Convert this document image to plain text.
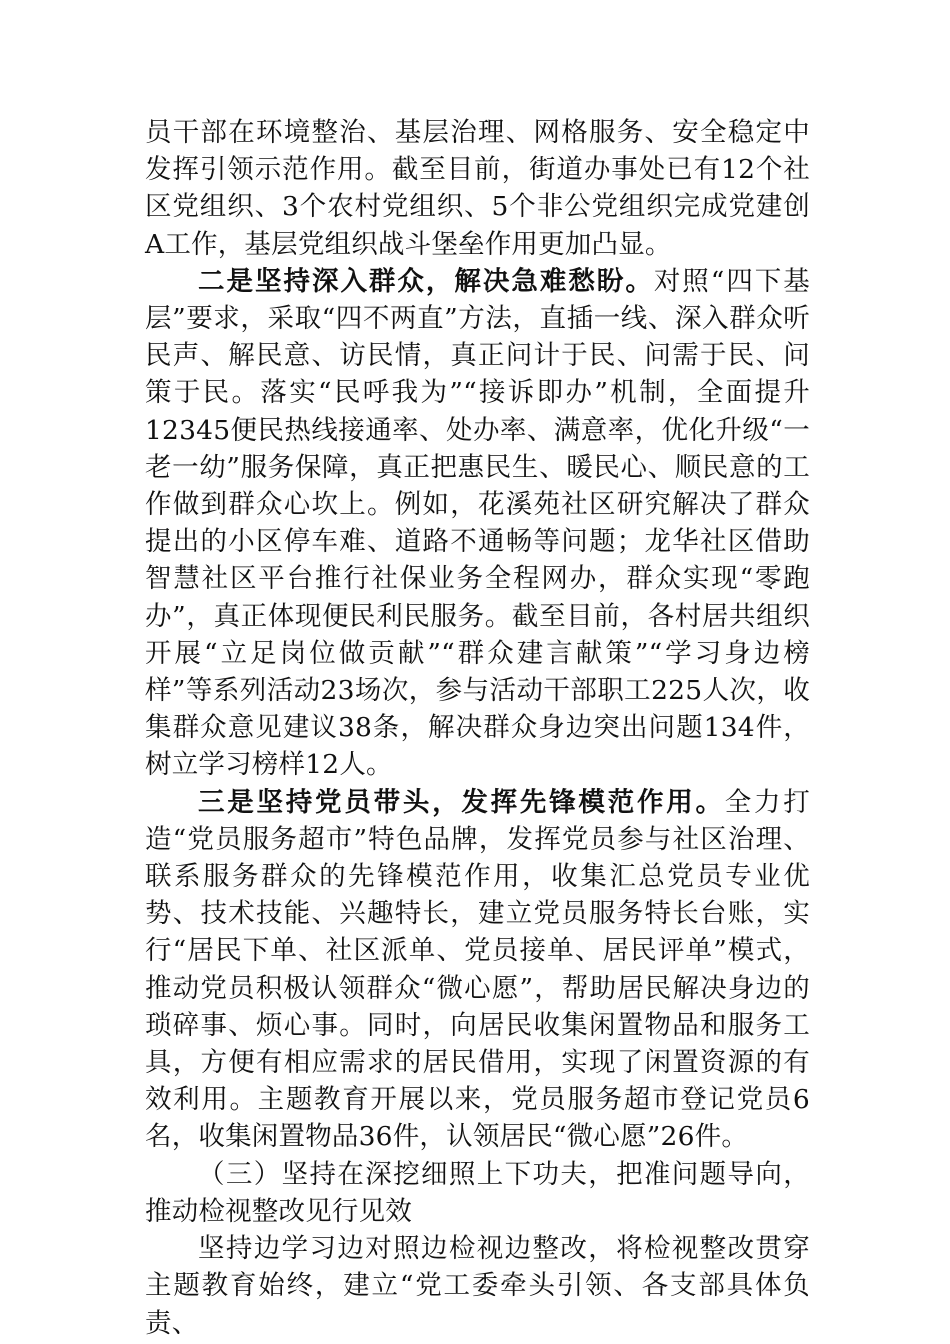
员干部在环境整治、基层治理、网格服务、安全稳定中发挥引领示范作用。截至目前，街道办事处已有12个社区党组织、3个农村党组织、5个非公党组织完成党建创A工作，基层党组织战斗堡垒作用更加凸显。

二是坚持深入群众，解决急难愁盼。对照“四下基层”要求，采取“四不两直”方法，直插一线、深入群众听民声、解民意、访民情，真正问计于民、问需于民、问策于民。落实“民呼我为”“接诉即办”机制，全面提升12345便民热线接通率、处办率、满意率，优化升级“一老一幼”服务保障，真正把惠民生、暖民心、顺民意的工作做到群众心坎上。例如，花溪苑社区研究解决了群众提出的小区停车难、道路不通畅等问题；龙华社区借助智慧社区平台推行社保业务全程网办，群众实现“零跑办”，真正体现便民利民服务。截至目前，各村居共组织开展“立足岗位做贡献”“群众建言献策”“学习身边榜样”等系列活动23场次，参与活动干部职工225人次，收集群众意见建议38条，解决群众身边突出问题134件，树立学习榜样12人。

三是坚持党员带头，发挥先锋模范作用。全力打造“党员服务超市”特色品牌，发挥党员参与社区治理、联系服务群众的先锋模范作用，收集汇总党员专业优势、技术技能、兴趣特长，建立党员服务特长台账，实行“居民下单、社区派单、党员接单、居民评单”模式，推动党员积极认领群众“微心愿”，帮助居民解决身边的琐碎事、烦心事。同时，向居民收集闲置物品和服务工具，方便有相应需求的居民借用，实现了闲置资源的有效利用。主题教育开展以来，党员服务超市登记党员6名，收集闲置物品36件，认领居民“微心愿”26件。

（三）坚持在深挖细照上下功夫，把准问题导向，推动检视整改见行见效

坚持边学习边对照边检视边整改，将检视整改贯穿主题教育始终，建立“党工委牵头引领、各支部具体负责、
